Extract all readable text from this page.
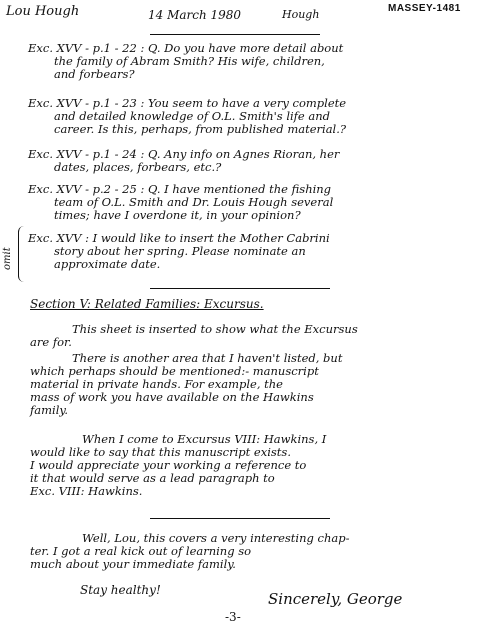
Lou Hough	14 March 1980	Hough	MASSEY-1481
Exc. XVV - p.1 - 22 : Q. Do you have more detail about
the family of Abram Smith? His wife, children,
and forbears?
Exc. XVV - p.1 - 23 : You seem to have a very complete
and detailed knowledge of O.L. Smith's life and
career. Is this, perhaps, from published material.?
Exc. XVV - p.1 - 24 : Q. Any info on Agnes Rioran, her
dates, places, forbears, etc.?
Exc. XVV - p.2 - 25 : Q. I have mentioned the fishing
team of O.L. Smith and Dr. Louis Hough several
times; have I overdone it, in your opinion?
omit
Exc. XVV : I would like to insert the Mother Cabrini
story about her spring. Please nominate an
approximate date.
Section V: Related Families: Excursus.
This sheet is inserted to show what the Excursus
are for.
There is another area that I haven't listed, but
which perhaps should be mentioned:- manuscript
material in private hands. For example, the
mass of work you have available on the Hawkins
family.
When I come to Excursus VIII: Hawkins, I
would like to say that this manuscript exists.
I would appreciate your working a reference to
it that would serve as a lead paragraph to
Exc. VIII: Hawkins.
Well, Lou, this covers a very interesting chap-
ter. I got a real kick out of learning so
much about your immediate family.
Stay healthy!	Sincerely, George
-3-
